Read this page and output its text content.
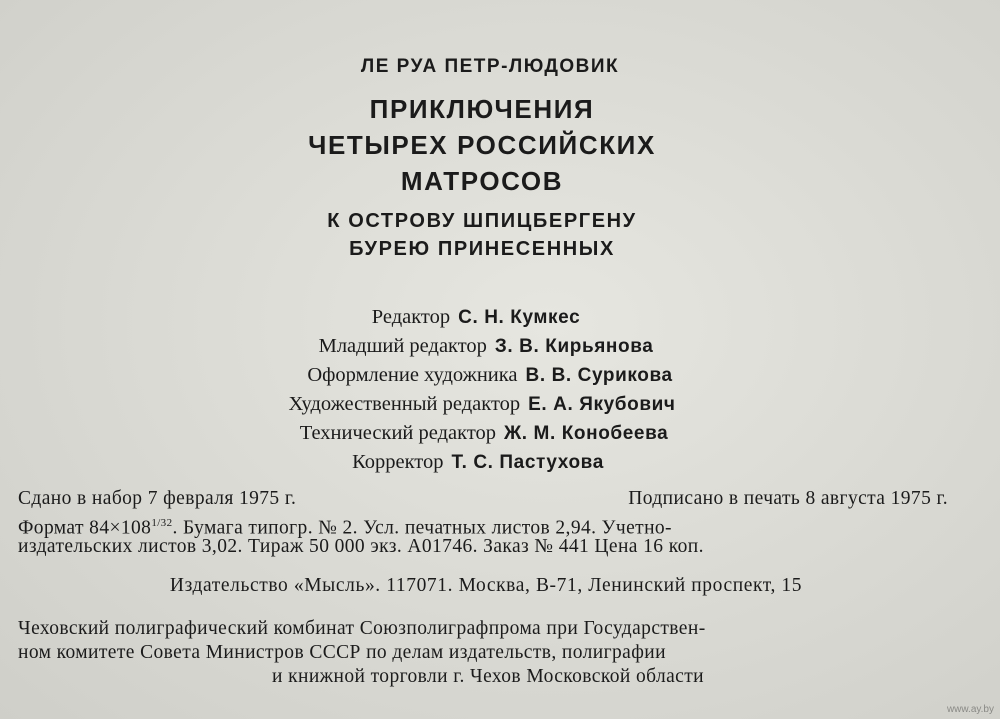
ЛЕ РУА ПЕТР-ЛЮДОВИК
ПРИКЛЮЧЕНИЯ
ЧЕТЫРЕХ РОССИЙСКИХ
МАТРОСОВ
К ОСТРОВУ ШПИЦБЕРГЕНУ
БУРЕЮ ПРИНЕСЕННЫХ
Редактор С. Н. Кумкес
Младший редактор З. В. Кирьянова
Оформление художника В. В. Сурикова
Художественный редактор Е. А. Якубович
Технический редактор Ж. М. Конобеева
Корректор Т. С. Пастухова
Сдано в набор 7 февраля 1975 г.	Подписано в печать 8 августа 1975 г.
Формат $84\times 108^{1/32}$. Бумага типогр. № 2. Усл. печатных листов 2,94. Учетно-
издательских листов 3,02. Тираж 50 000 экз. А01746. Заказ № 441 Цена 16 коп.
Издательство «Мысль». 117071. Москва, В-71, Ленинский проспект, 15
Чеховский полиграфический комбинат Союзполиграфпрома при Государствен-
ном комитете Совета Министров СССР по делам издательств, полиграфии
и книжной торговли г. Чехов Московской области
www.ay.by
